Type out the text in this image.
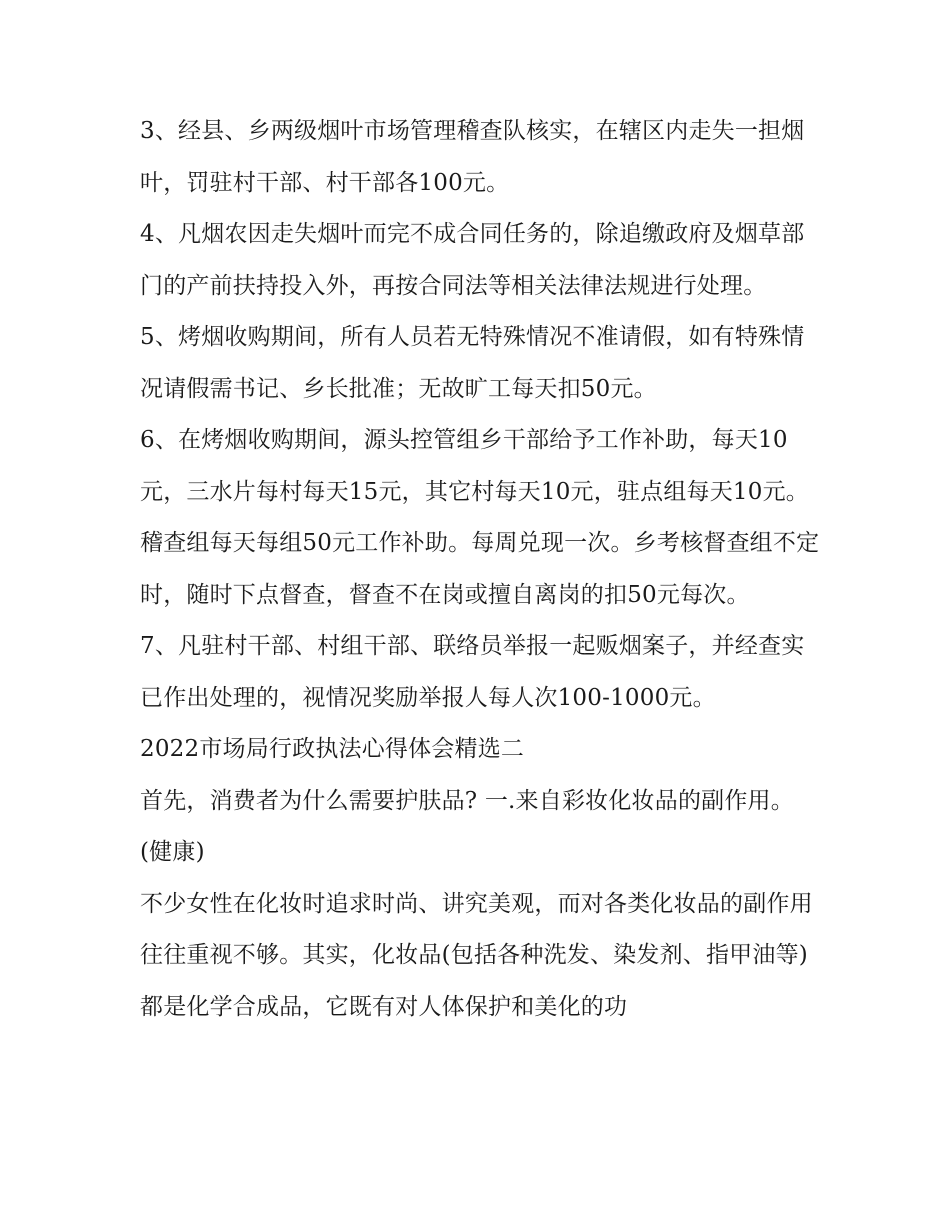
3、经县、乡两级烟叶市场管理稽查队核实，在辖区内走失一担烟叶，罚驻村干部、村干部各100元。

4、凡烟农因走失烟叶而完不成合同任务的，除追缴政府及烟草部门的产前扶持投入外，再按合同法等相关法律法规进行处理。

5、烤烟收购期间，所有人员若无特殊情况不准请假，如有特殊情况请假需书记、乡长批准；无故旷工每天扣50元。

6、在烤烟收购期间，源头控管组乡干部给予工作补助，每天10元，三水片每村每天15元，其它村每天10元，驻点组每天10元。稽查组每天每组50元工作补助。每周兑现一次。乡考核督查组不定时，随时下点督查，督查不在岗或擅自离岗的扣50元每次。

7、凡驻村干部、村组干部、联络员举报一起贩烟案子，并经查实已作出处理的，视情况奖励举报人每人次100-1000元。

2022市场局行政执法心得体会精选二

首先，消费者为什么需要护肤品? 一.来自彩妆化妆品的副作用。(健康)

不少女性在化妆时追求时尚、讲究美观，而对各类化妆品的副作用往往重视不够。其实，化妆品(包括各种洗发、染发剂、指甲油等)都是化学合成品，它既有对人体保护和美化的功
